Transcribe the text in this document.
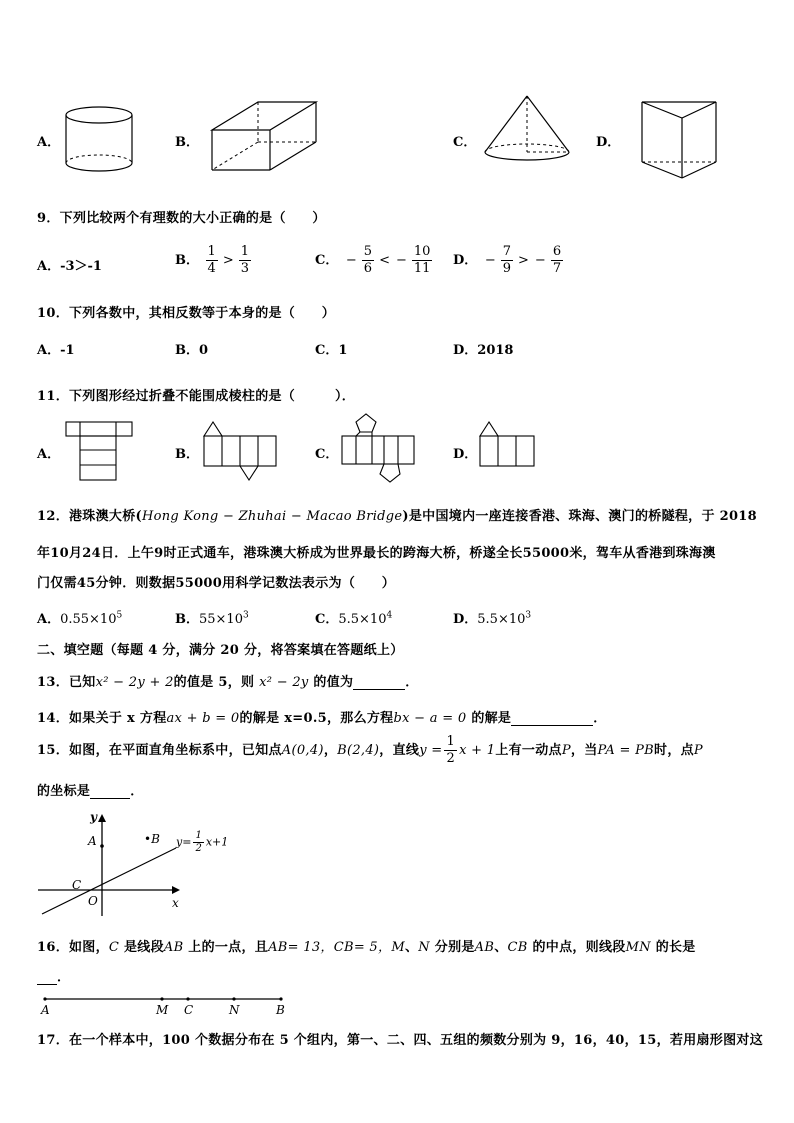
A．	B．	C．	D．
9．下列比较两个有理数的大小正确的是（　　）
A．-3＞-1	B． $\frac{1}{4} > \frac{1}{3}$	C． − $\frac{5}{6}$ < − $\frac{10}{11}$ D． − $\frac{7}{9}$ > − $\frac{6}{7}$
10．下列各数中，其相反数等于本身的是（　　）
A．-1	B．0	C．1	D．2018
11．下列图形经过折叠不能围成棱柱的是（　　　）．
A．	B．	C．	D．
12．港珠澳大桥(Hong Kong − Zhuhai − Macao Bridge)是中国境内一座连接香港、珠海、澳门的桥隧程，于 2018
年10月24日．上午9时正式通车，港珠澳大桥成为世界最长的跨海大桥，桥遂全长55000米，驾车从香港到珠海澳
门仅需45分钟．则数据55000用科学记数法表示为（　　）
A．$0.55\times 10^5$	B．$55\times 10^3$	C．$5.5\times 10^4$	D．$5.5\times 10^3$
二、填空题（每题 4 分，满分 20 分，将答案填在答题纸上）
13．已知x² − 2y + 2的值是 5，则 x² − 2y 的值为	．
14．如果关于 x 方程ax + b = 0的解是 x=0.5，那么方程bx − a = 0 的解是	．
15．如图，在平面直角坐标系中，已知点A(0,4)，B(2,4)，直线$y = \frac{1}{2}$ x + 1上有一动点P，当PA = PB时，点P
的坐标是	．
y
x
A	•B
C
O
$y= \frac{1}{2} x+1$
16．如图，C 是线段AB 上的一点，且AB= 13，CB= 5，M、N 分别是AB、CB 的中点，则线段MN 的长是
．
A	M C	N	B
17．在一个样本中，100 个数据分布在 5 个组内，第一、二、四、五组的频数分别为 9，16，40，15，若用扇形图对这
